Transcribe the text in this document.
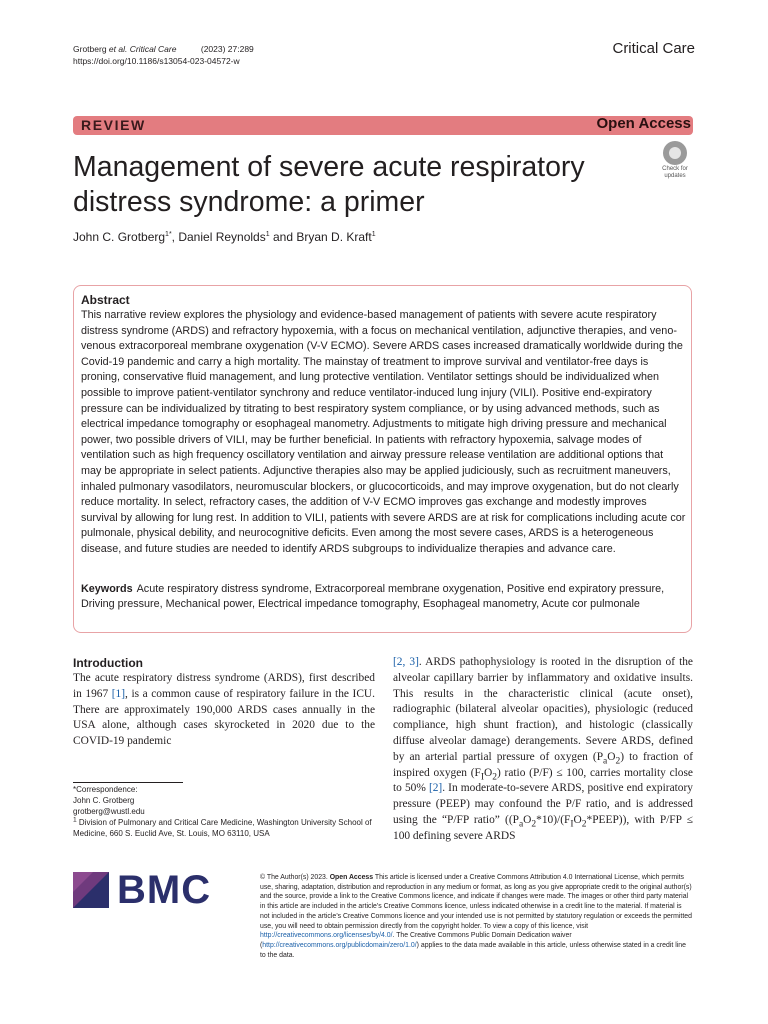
Grotberg et al. Critical Care	(2023) 27:289
https://doi.org/10.1186/s13054-023-04572-w
Critical Care
REVIEW	Open Access
Management of severe acute respiratory distress syndrome: a primer
Check for
updates
John C. Grotberg$^{1*}$, Daniel Reynolds$^1$ and Bryan D. Kraft$^1$
Abstract
This narrative review explores the physiology and evidence-based management of patients with severe acute respiratory distress syndrome (ARDS) and refractory hypoxemia, with a focus on mechanical ventilation, adjunctive therapies, and veno-venous extracorporeal membrane oxygenation (V-V ECMO). Severe ARDS cases increased dramatically worldwide during the Covid-19 pandemic and carry a high mortality. The mainstay of treatment to improve survival and ventilator-free days is proning, conservative fluid management, and lung protective ventilation. Ventilator settings should be individualized when possible to improve patient-ventilator synchrony and reduce ventilator-induced lung injury (VILI). Positive end-expiratory pressure can be individualized by titrating to best respiratory system compliance, or by using advanced methods, such as electrical impedance tomography or esophageal manometry. Adjustments to mitigate high driving pressure and mechanical power, two possible drivers of VILI, may be further beneficial. In patients with refractory hypoxemia, salvage modes of ventilation such as high frequency oscillatory ventilation and airway pressure release ventilation are additional options that may be appropriate in select patients. Adjunctive therapies also may be applied judiciously, such as recruitment maneuvers, inhaled pulmonary vasodilators, neuromuscular blockers, or glucocorticoids, and may improve oxygenation, but do not clearly reduce mortality. In select, refractory cases, the addition of V-V ECMO improves gas exchange and modestly improves survival by allowing for lung rest. In addition to VILI, patients with severe ARDS are at risk for complications including acute cor pulmonale, physical debility, and neurocognitive deficits. Even among the most severe cases, ARDS is a heterogeneous disease, and future studies are needed to identify ARDS subgroups to individualize therapies and advance care.
Keywords Acute respiratory distress syndrome, Extracorporeal membrane oxygenation, Positive end expiratory pressure, Driving pressure, Mechanical power, Electrical impedance tomography, Esophageal manometry, Acute cor pulmonale
Introduction
The acute respiratory distress syndrome (ARDS), first described in 1967 [1], is a common cause of respiratory failure in the ICU. There are approximately 190,000 ARDS cases annually in the USA alone, although cases skyrocketed in 2020 due to the COVID-19 pandemic
[2, 3]. ARDS pathophysiology is rooted in the disruption of the alveolar capillary barrier by inflammatory and oxidative insults. This results in the characteristic clinical (acute onset), radiographic (bilateral alveolar opacities), physiologic (reduced compliance, high shunt fraction), and histologic (classically diffuse alveolar damage) derangements. Severe ARDS, defined by an arterial partial pressure of oxygen $(P_aO_2)$ to fraction of inspired oxygen $(F_IO_2)$ ratio (P/F) ≤ 100, carries mortality close to 50% [2]. In moderate-to-severe ARDS, positive end expiratory pressure (PEEP) may confound the P/F ratio, and is addressed using the “P/FP ratio” $((P_aO_2*10)/(F_IO_2*PEEP))$, with P/FP ≤ 100 defining severe ARDS
*Correspondence:
John C. Grotberg
grotberg@wustl.edu
$^1$ Division of Pulmonary and Critical Care Medicine, Washington University School of Medicine, 660 S. Euclid Ave, St. Louis, MO 63110, USA
BMC	© The Author(s) 2023. Open Access This article is licensed under a Creative Commons Attribution 4.0 International License, which permits use, sharing, adaptation, distribution and reproduction in any medium or format, as long as you give appropriate credit to the original author(s) and the source, provide a link to the Creative Commons licence, and indicate if changes were made. The images or other third party material in this article are included in the article’s Creative Commons licence, unless indicated otherwise in a credit line to the material. If material is not included in the article’s Creative Commons licence and your intended use is not permitted by statutory regulation or exceeds the permitted use, you will need to obtain permission directly from the copyright holder. To view a copy of this licence, visit http://creativecommons.org/licenses/by/4.0/. The Creative Commons Public Domain Dedication waiver (http://creativecommons.org/publicdomain/zero/1.0/) applies to the data made available in this article, unless otherwise stated in a credit line to the data.
